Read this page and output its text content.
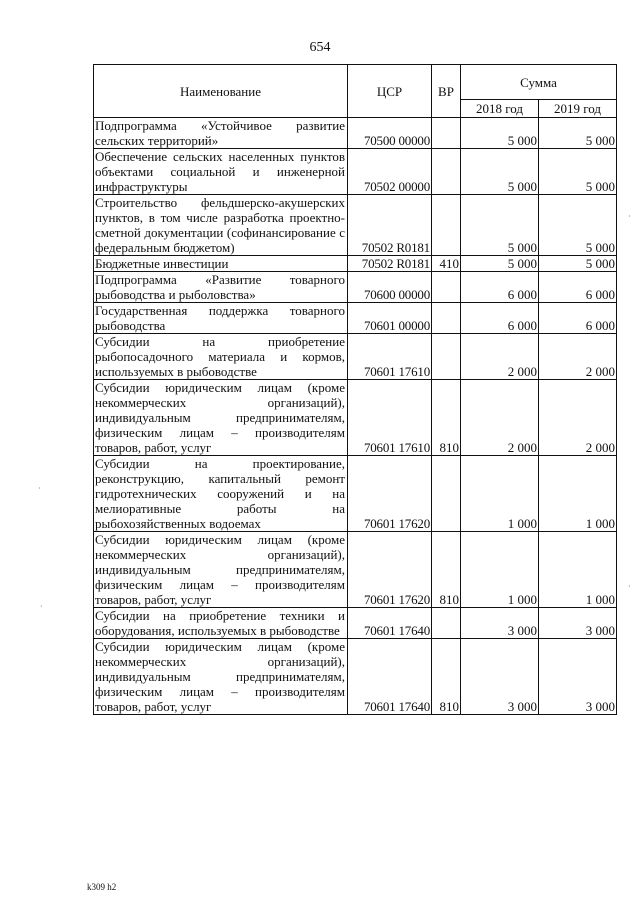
654
Наименование	ЦСР	ВР	Сумма	
			2018 год	2019 год
Подпрограмма «Устойчивое развитие сельских территорий»	70500 00000		5 000	5 000
Обеспечение сельских населенных пунктов объектами социальной и инженерной инфраструктуры	70502 00000		5 000	5 000
Строительство фельдшерско-акушерских пунктов, в том числе разработка проектно-сметной документации (софинансирование с федеральным бюджетом)	70502 R0181		5 000	5 000
Бюджетные инвестиции	70502 R0181	410	5 000	5 000
Подпрограмма «Развитие товарного рыбоводства и рыболовства»	70600 00000		6 000	6 000
Государственная поддержка товарного рыбоводства	70601 00000		6 000	6 000
Субсидии на приобретение рыбопосадочного материала и кормов, используемых в рыбоводстве	70601 17610		2 000	2 000
Субсидии юридическим лицам (кроме некоммерческих организаций), индивидуальным предпринимателям, физическим лицам – производителям товаров, работ, услуг	70601 17610	810	2 000	2 000
Субсидии на проектирование, реконструкцию, капитальный ремонт гидротехнических сооружений и на мелиоративные работы на рыбохозяйственных водоемах	70601 17620		1 000	1 000
Субсидии юридическим лицам (кроме некоммерческих организаций), индивидуальным предпринимателям, физическим лицам – производителям товаров, работ, услуг	70601 17620	810	1 000	1 000
Субсидии на приобретение техники и оборудования, используемых в рыбоводстве	70601 17640		3 000	3 000
Субсидии юридическим лицам (кроме некоммерческих организаций), индивидуальным предпринимателям, физическим лицам – производителям товаров, работ, услуг	70601 17640	810	3 000	3 000
k309 h2
·
·
·
·
